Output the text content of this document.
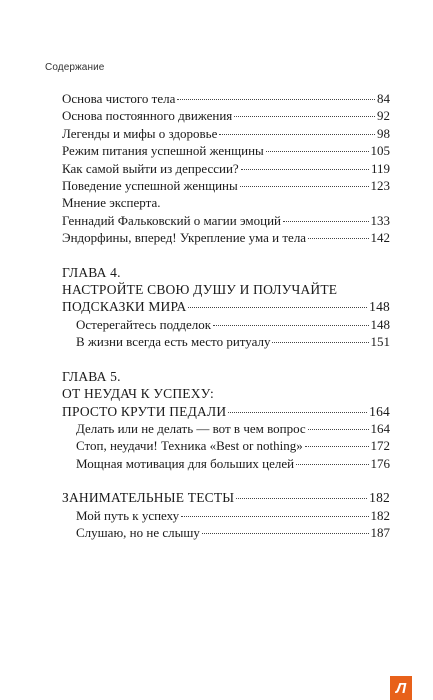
Содержание
Основа чистого тела	84
Основа постоянного движения	92
Легенды и мифы о здоровье	98
Режим питания успешной женщины	105
Как самой выйти из депрессии?	119
Поведение успешной женщины	123
Мнение эксперта.
Геннадий Фальковский о магии эмоций	133
Эндорфины, вперед! Укрепление ума и тела	142
ГЛАВА 4.
НАСТРОЙТЕ СВОЮ ДУШУ И ПОЛУЧАЙТЕ
ПОДСКАЗКИ МИРА	148
Остерегайтесь подделок	148
В жизни всегда есть место ритуалу	151
ГЛАВА 5.
ОТ НЕУДАЧ К УСПЕХУ:
ПРОСТО КРУТИ ПЕДАЛИ	164
Делать или не делать — вот в чем вопрос	164
Стоп, неудачи! Техника «Best or nothing»	172
Мощная мотивация для больших целей	176
ЗАНИМАТЕЛЬНЫЕ ТЕСТЫ	182
Мой путь к успеху	182
Слушаю, но не слышу	187
Л
